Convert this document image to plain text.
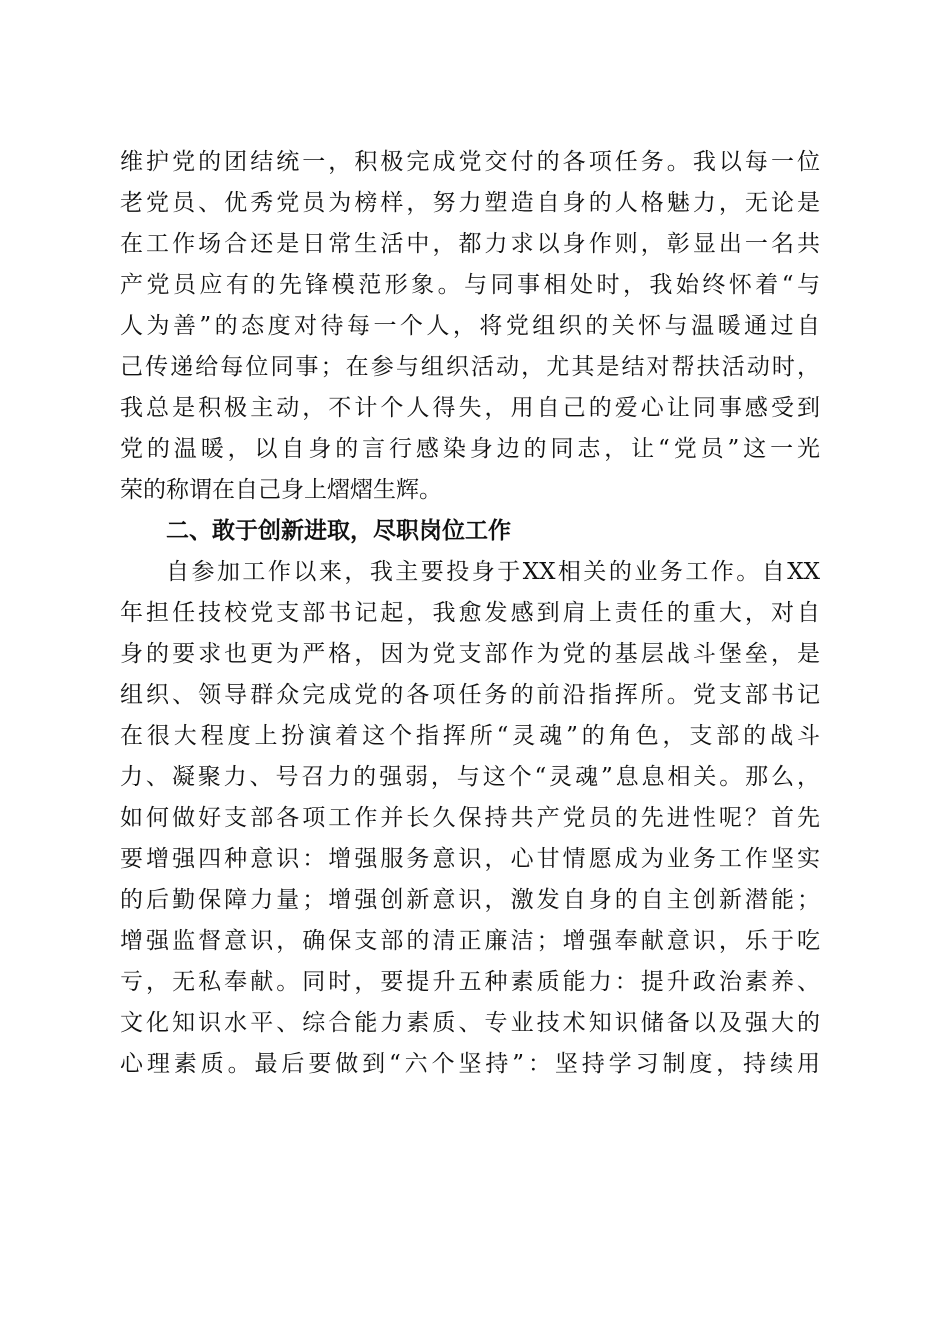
维护党的团结统一，积极完成党交付的各项任务。我以每一位
老党员、优秀党员为榜样，努力塑造自身的人格魅力，无论是
在工作场合还是日常生活中，都力求以身作则，彰显出一名共
产党员应有的先锋模范形象。与同事相处时，我始终怀着“与
人为善”的态度对待每一个人，将党组织的关怀与温暖通过自
己传递给每位同事；在参与组织活动，尤其是结对帮扶活动时，
我总是积极主动，不计个人得失，用自己的爱心让同事感受到
党的温暖，以自身的言行感染身边的同志，让“党员”这一光
荣的称谓在自己身上熠熠生辉。
二、敢于创新进取，尽职岗位工作
自参加工作以来，我主要投身于XX相关的业务工作。自XX
年担任技校党支部书记起，我愈发感到肩上责任的重大，对自
身的要求也更为严格，因为党支部作为党的基层战斗堡垒，是
组织、领导群众完成党的各项任务的前沿指挥所。党支部书记
在很大程度上扮演着这个指挥所“灵魂”的角色，支部的战斗
力、凝聚力、号召力的强弱，与这个“灵魂”息息相关。那么，
如何做好支部各项工作并长久保持共产党员的先进性呢？首先
要增强四种意识：增强服务意识，心甘情愿成为业务工作坚实
的后勤保障力量；增强创新意识，激发自身的自主创新潜能；
增强监督意识，确保支部的清正廉洁；增强奉献意识，乐于吃
亏，无私奉献。同时，要提升五种素质能力：提升政治素养、
文化知识水平、综合能力素质、专业技术知识储备以及强大的
心理素质。最后要做到“六个坚持”：坚持学习制度，持续用
